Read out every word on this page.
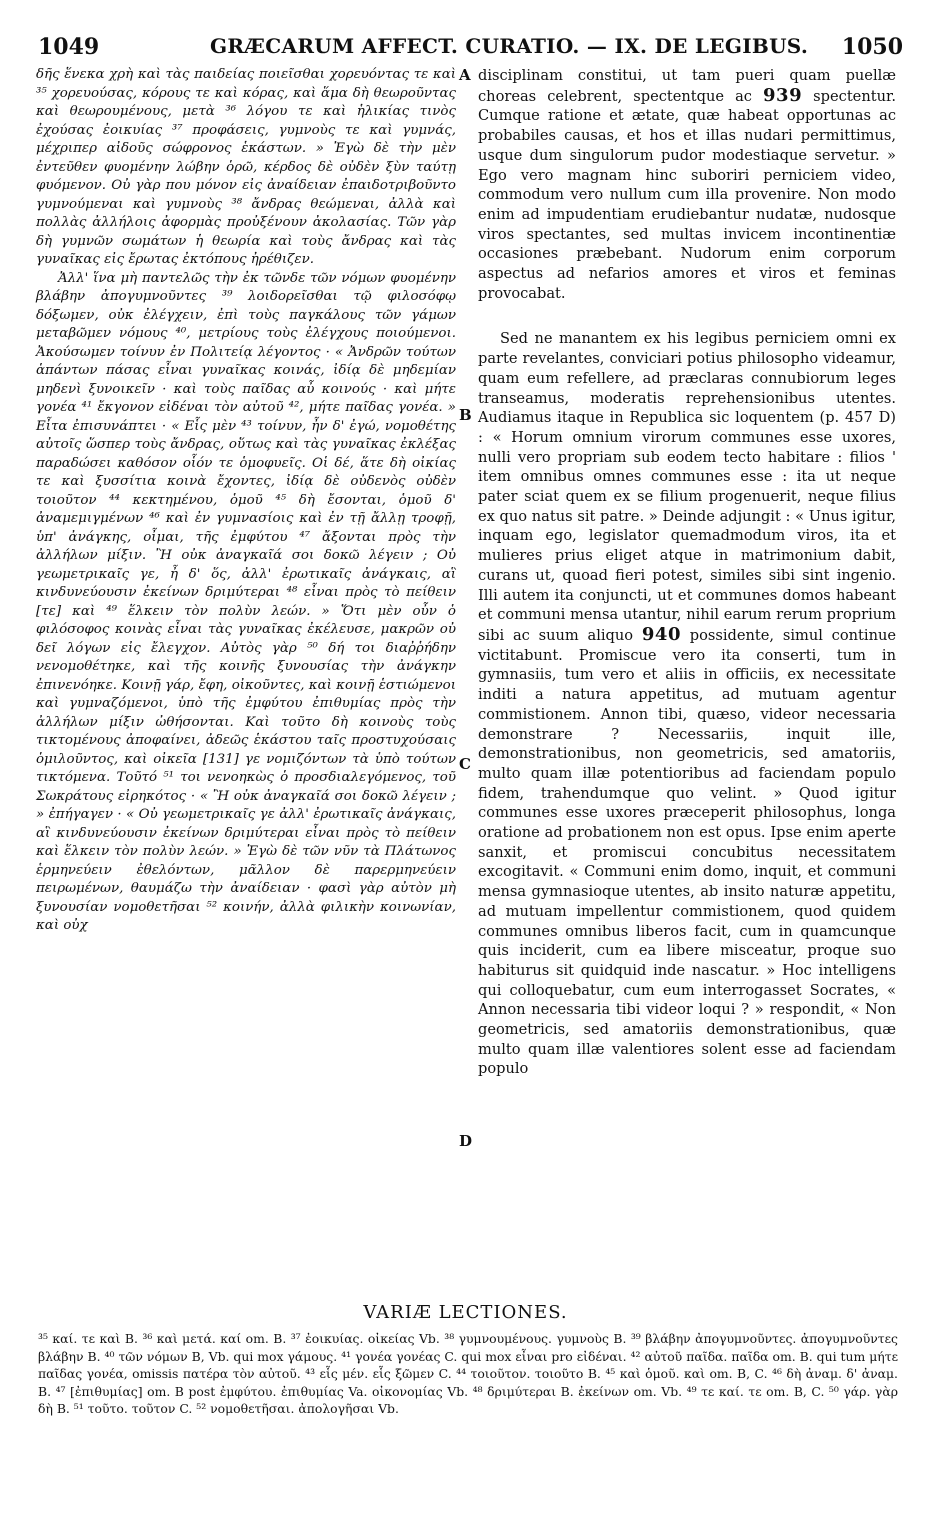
1049	GRÆCARUM AFFECT. CURATIO. — IX. DE LEGIBUS. 1050

δῆς ἕνεκα χρὴ καὶ τὰς παιδείας ποιεῖσθαι χορευόντας τε καὶ ³⁵ χορευούσας, κόρους τε καὶ κόρας, καὶ ἅμα δὴ θεωροῦντας καὶ θεωρουμένους, μετὰ ³⁶ λόγου τε καὶ ἡλικίας τινὸς ἐχούσας ἐοικυίας ³⁷ προφάσεις, γυμνοὺς τε καὶ γυμνάς, μέχριπερ αἰδοῦς σώφρονος ἑκάστων. » Ἐγὼ δὲ τὴν μὲν ἐντεῦθεν φυομένην λώβην ὁρῶ, κέρδος δὲ οὐδὲν ξὺν ταύτῃ φυόμενον. Οὐ γὰρ που μόνον εἰς ἀναίδειαν ἐπαιδοτριβοῦντο γυμνούμεναι καὶ γυμνοὺς ³⁸ ἄνδρας θεώμεναι, ἀλλὰ καὶ πολλὰς ἀλλήλοις ἀφορμὰς προὐξένουν ἀκολασίας. Τῶν γὰρ δὴ γυμνῶν σωμάτων ἡ θεωρία καὶ τοὺς ἄνδρας καὶ τὰς γυναῖκας εἰς ἔρωτας ἐκτόπους ἠρέθιζεν.

Ἀλλ' ἵνα μὴ παντελῶς τὴν ἐκ τῶνδε τῶν νόμων φυομένην βλάβην ἀπογυμνοῦντες ³⁹ λοιδορεῖσθαι τῷ φιλοσόφῳ δόξωμεν, οὐκ ἐλέγχειν, ἐπὶ τοὺς παγκάλους τῶν γάμων μεταβῶμεν νόμους ⁴⁰, μετρίους τοὺς ἐλέγχους ποιούμενοι. Ἀκούσωμεν τοίνυν ἐν Πολιτείᾳ λέγοντος · « Ἀνδρῶν τούτων ἁπάντων πάσας εἶναι γυναῖκας κοινάς, ἰδίᾳ δὲ μηδεμίαν μηδενὶ ξυνοικεῖν · καὶ τοὺς παῖδας αὖ κοινούς · καὶ μήτε γονέα ⁴¹ ἔκγονον εἰδέναι τὸν αὐτοῦ ⁴², μήτε παῖδας γονέα. » Εἶτα ἐπισυνάπτει · « Εἷς μὲν ⁴³ τοίνυν, ἦν δ' ἐγώ, νομοθέτης αὐτοῖς ὥσπερ τοὺς ἄνδρας, οὕτως καὶ τὰς γυναῖκας ἐκλέξας παραδώσει καθόσον οἷόν τε ὁμοφυεῖς. Οἱ δέ, ἅτε δὴ οἰκίας τε καὶ ξυσσίτια κοινὰ ἔχοντες, ἰδίᾳ δὲ οὐδενὸς οὐδὲν τοιοῦτον ⁴⁴ κεκτημένου, ὁμοῦ ⁴⁵ δὴ ἔσονται, ὁμοῦ δ' ἀναμεμιγμένων ⁴⁶ καὶ ἐν γυμνασίοις καὶ ἐν τῇ ἄλλῃ τροφῇ, ὑπ' ἀνάγκης, οἶμαι, τῆς ἐμφύτου ⁴⁷ ἄξονται πρὸς τὴν ἀλλήλων μίξιν. Ἢ οὐκ ἀναγκαῖά σοι δοκῶ λέγειν ; Οὐ γεωμετρικαῖς γε, ἦ δ' ὅς, ἀλλ' ἐρωτικαῖς ἀνάγκαις, αἳ κινδυνεύουσιν ἐκείνων δριμύτεραι ⁴⁸ εἶναι πρὸς τὸ πείθειν [τε] καὶ ⁴⁹ ἕλκειν τὸν πολὺν λεών. » Ὅτι μὲν οὖν ὁ φιλόσοφος κοινὰς εἶναι τὰς γυναῖκας ἐκέλευσε, μακρῶν οὐ δεῖ λόγων εἰς ἔλεγχον. Αὐτὸς γὰρ ⁵⁰ δή τοι διαῤῥήδην νενομοθέτηκε, καὶ τῆς κοινῆς ξυνουσίας τὴν ἀνάγκην ἐπινενόηκε. Κοινῇ γάρ, ἔφη, οἰκοῦντες, καὶ κοινῇ ἑστιώμενοι καὶ γυμναζόμενοι, ὑπὸ τῆς ἐμφύτου ἐπιθυμίας πρὸς τὴν ἀλλήλων μίξιν ὠθήσονται. Καὶ τοῦτο δὴ κοινοὺς τοὺς τικτομένους ἀποφαίνει, ἀδεῶς ἑκάστου ταῖς προστυχούσαις ὁμιλοῦντος, καὶ οἰκεῖα [131] γε νομιζόντων τὰ ὑπὸ τούτων τικτόμενα. Τοῦτό ⁵¹ τοι νενοηκὼς ὁ προσδιαλεγόμενος, τοῦ Σωκράτους εἰρηκότος · « Ἢ οὐκ ἀναγκαῖά σοι δοκῶ λέγειν ; » ἐπήγαγεν · « Οὐ γεωμετρικαῖς γε ἀλλ' ἐρωτικαῖς ἀνάγκαις, αἳ κινδυνεύουσιν ἐκείνων δριμύτεραι εἶναι πρὸς τὸ πείθειν καὶ ἕλκειν τὸν πολὺν λεών. » Ἐγὼ δὲ τῶν νῦν τὰ Πλάτωνος ἑρμηνεύειν ἐθελόντων, μᾶλλον δὲ παρερμηνεύειν πειρωμένων, θαυμάζω τὴν ἀναίδειαν · φασὶ γὰρ αὐτὸν μὴ ξυνουσίαν νομοθετῆσαι ⁵² κοινήν, ἀλλὰ φιλικὴν κοινωνίαν, καὶ οὐχ

A
B
C
D

disciplinam constitui, ut tam pueri quam puellæ choreas celebrent, spectentque ac 939 spectentur. Cumque ratione et ætate, quæ habeat opportunas ac probabiles causas, et hos et illas nudari permittimus, usque dum singulorum pudor modestiaque servetur. » Ego vero magnam hinc suboriri perniciem video, commodum vero nullum cum illa provenire. Non modo enim ad impudentiam erudiebantur nudatæ, nudosque viros spectantes, sed multas invicem incontinentiæ occasiones præbebant. Nudorum enim corporum aspectus ad nefarios amores et viros et feminas provocabat.

Sed ne manantem ex his legibus perniciem omni ex parte revelantes, conviciari potius philosopho videamur, quam eum refellere, ad præclaras connubiorum leges transeamus, moderatis reprehensionibus utentes. Audiamus itaque in Republica sic loquentem (p. 457 D) : « Horum omnium virorum communes esse uxores, nulli vero propriam sub eodem tecto habitare : filios ' item omnibus omnes communes esse : ita ut neque pater sciat quem ex se filium progenuerit, neque filius ex quo natus sit patre. » Deinde adjungit : « Unus igitur, inquam ego, legislator quemadmodum viros, ita et mulieres prius eliget atque in matrimonium dabit, curans ut, quoad fieri potest, similes sibi sint ingenio. Illi autem ita conjuncti, ut et communes domos habeant et communi mensa utantur, nihil earum rerum proprium sibi ac suum aliquo 940 possidente, simul continue victitabunt. Promiscue vero ita conserti, tum in gymnasiis, tum vero et aliis in officiis, ex necessitate inditi a natura appetitus, ad mutuam agentur commistionem. Annon tibi, quæso, videor necessaria demonstrare ? Necessariis, inquit ille, demonstrationibus, non geometricis, sed amatoriis, multo quam illæ potentioribus ad faciendam populo fidem, trahendumque quo velint. » Quod igitur communes esse uxores præceperit philosophus, longa oratione ad probationem non est opus. Ipse enim aperte sanxit, et promiscui concubitus necessitatem excogitavit. « Communi enim domo, inquit, et communi mensa gymnasioque utentes, ab insito naturæ appetitu, ad mutuam impellentur commistionem, quod quidem communes omnibus liberos facit, cum in quamcunque quis inciderit, cum ea libere misceatur, proque suo habiturus sit quidquid inde nascatur. » Hoc intelligens qui colloquebatur, cum eum interrogasset Socrates, « Annon necessaria tibi videor loqui ? » respondit, « Non geometricis, sed amatoriis demonstrationibus, quæ multo quam illæ valentiores solent esse ad faciendam populo

VARIÆ LECTIONES.

³⁵ καί. τε καὶ B. ³⁶ καὶ μετά. καί om. B. ³⁷ ἐοικυίας. οἰκείας Vb. ³⁸ γυμνουμένους. γυμνοὺς B. ³⁹ βλάβην ἀπογυμνοῦντες. ἀπογυμνοῦντες βλάβην B. ⁴⁰ τῶν νόμων B, Vb. qui mox γάμους. ⁴¹ γονέα γονέας C. qui mox εἶναι pro εἰδέναι. ⁴² αὐτοῦ παῖδα. παῖδα om. B. qui tum μήτε παῖδας γονέα, omissis πατέρα τὸν αὐτοῦ. ⁴³ εἷς μέν. εἷς ξῶμεν C. ⁴⁴ τοιοῦτον. τοιοῦτο B. ⁴⁵ καὶ ὁμοῦ. καὶ om. B, C. ⁴⁶ δὴ ἀναμ. δ' ἀναμ. B. ⁴⁷ [ἐπιθυμίας] om. B post ἐμφύτου. ἐπιθυμίας Va. οἰκονομίας Vb. ⁴⁸ δριμύτεραι B. ἐκείνων om. Vb. ⁴⁹ τε καί. τε om. B, C. ⁵⁰ γάρ. γὰρ δὴ B. ⁵¹ τοῦτο. τοῦτον C. ⁵² νομοθετῆσαι. ἀπολογῆσαι Vb.
